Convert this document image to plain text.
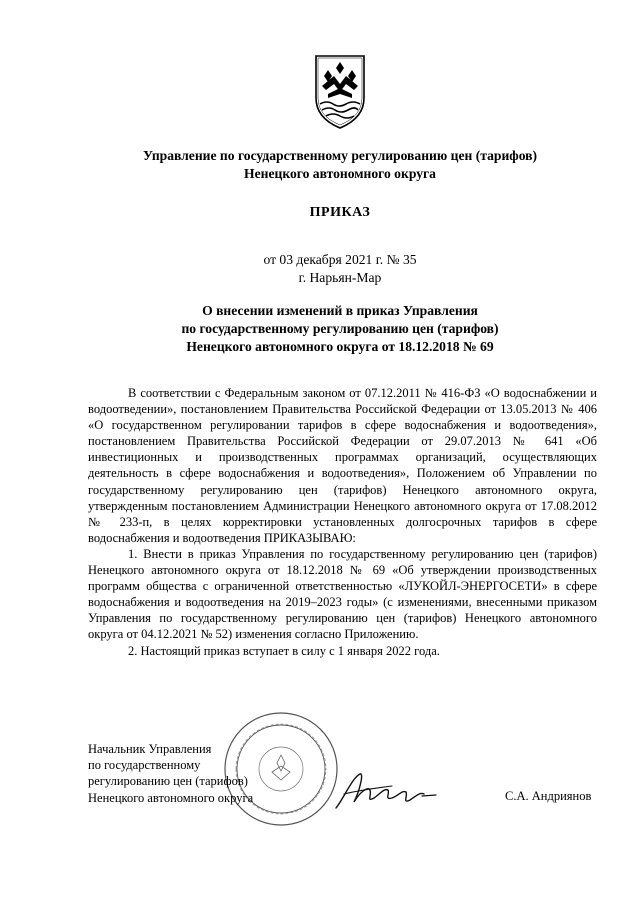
Управление по государственному регулированию цен (тарифов)
Ненецкого автономного округа
ПРИКАЗ
от 03 декабря 2021 г. № 35
г. Нарьян-Мар
О внесении изменений в приказ Управления
по государственному регулированию цен (тарифов)
Ненецкого автономного округа от 18.12.2018 № 69

В соответствии с Федеральным законом от 07.12.2011 № 416-ФЗ «О водоснабжении и водоотведении», постановлением Правительства Российской Федерации от 13.05.2013 № 406 «О государственном регулировании тарифов в сфере водоснабжения и водоотведения», постановлением Правительства Российской Федерации от 29.07.2013 № 641 «Об инвестиционных и производственных программах организаций, осуществляющих деятельность в сфере водоснабжения и водоотведения», Положением об Управлении по государственному регулированию цен (тарифов) Ненецкого автономного округа, утвержденным постановлением Администрации Ненецкого автономного округа от 17.08.2012 № 233-п, в целях корректировки установленных долгосрочных тарифов в сфере водоснабжения и водоотведения ПРИКАЗЫВАЮ:

1. Внести в приказ Управления по государственному регулированию цен (тарифов) Ненецкого автономного округа от 18.12.2018 № 69 «Об утверждении производственных программ общества с ограниченной ответственностью «ЛУКОЙЛ-ЭНЕРГОСЕТИ» в сфере водоснабжения и водоотведения на 2019–2023 годы» (с изменениями, внесенными приказом Управления по государственному регулированию цен (тарифов) Ненецкого автономного округа от 04.12.2021 № 52) изменения согласно Приложению.

2. Настоящий приказ вступает в силу с 1 января 2022 года.

Начальник Управления
по государственному
регулированию цен (тарифов)
Ненецкого автономного округа	С.А. Андриянов
